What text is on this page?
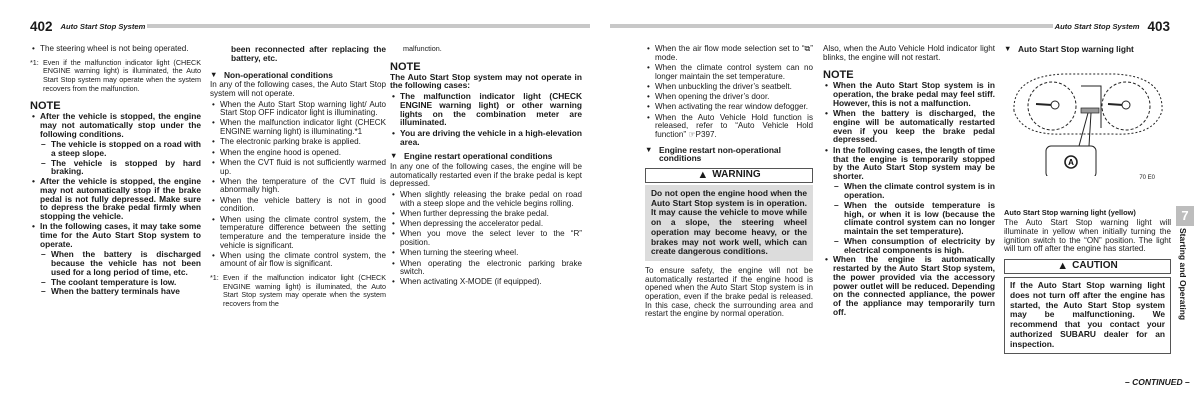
402 Auto Start Stop System	Auto Start Stop System 403
• The steering wheel is not being operated.
*1: Even if the malfunction indicator light (CHECK ENGINE warning light) is illuminated, the Auto Start Stop system may operate when the system recovers from the malfunction.
NOTE
• After the vehicle is stopped, the engine may not automatically stop under the following conditions.
– The vehicle is stopped on a road with a steep slope.
– The vehicle is stopped by hard braking.
• After the vehicle is stopped, the engine may not automatically stop if the brake pedal is not fully depressed. Make sure to depress the brake pedal firmly when stopping the vehicle.
• In the following cases, it may take some time for the Auto Start Stop system to operate.
– When the battery is discharged because the vehicle has not been used for a long period of time, etc.
– The coolant temperature is low.
– When the battery terminals have
been reconnected after replacing the battery, etc.
▼ Non-operational conditions
In any of the following cases, the Auto Start Stop system will not operate.
• When the Auto Start Stop warning light/ Auto Start Stop OFF indicator light is illuminating.
• When the malfunction indicator light (CHECK ENGINE warning light) is illuminating.*1
• The electronic parking brake is applied.
• When the engine hood is opened.
• When the CVT fluid is not sufficiently warmed up.
• When the temperature of the CVT fluid is abnormally high.
• When the vehicle battery is not in good condition.
• When using the climate control system, the temperature difference between the setting temperature and the temperature inside the vehicle is significant.
• When using the climate control system, the amount of air flow is significant.
*1: Even if the malfunction indicator light (CHECK ENGINE warning light) is illuminated, the Auto Start Stop system may operate when the system recovers from the
malfunction.
NOTE
The Auto Start Stop system may not operate in the following cases:
• The malfunction indicator light (CHECK ENGINE warning light) or other warning lights on the combination meter are illuminated.
• You are driving the vehicle in a high-elevation area.
▼ Engine restart operational conditions
In any one of the following cases, the engine will be automatically restarted even if the brake pedal is kept depressed.
• When slightly releasing the brake pedal on road with a steep slope and the vehicle begins rolling.
• When further depressing the brake pedal.
• When depressing the accelerator pedal.
• When you move the select lever to the “R” position.
• When turning the steering wheel.
• When operating the electronic parking brake switch.
• When activating X-MODE (if equipped).
• When the air flow mode selection set to “⧉” mode.
• When the climate control system can no longer maintain the set temperature.
• When unbuckling the driver’s seatbelt.
• When opening the driver’s door.
• When activating the rear window defogger.
• When the Auto Vehicle Hold function is released, refer to “Auto Vehicle Hold function” ☞P397.
▼ Engine restart non-operational conditions
▲ WARNING
Do not open the engine hood when the Auto Start Stop system is in operation. It may cause the vehicle to move while on a slope, the steering wheel operation may become heavy, or the brakes may not work well, which can create dangerous conditions.
To ensure safety, the engine will not be automatically restarted if the engine hood is opened when the Auto Start Stop system is in operation, even if the brake pedal is released. In this case, check the surrounding area and restart the engine by normal operation.
Also, when the Auto Vehicle Hold indicator light blinks, the engine will not restart.
NOTE
• When the Auto Start Stop system is in operation, the brake pedal may feel stiff. However, this is not a malfunction.
• When the battery is discharged, the engine will be automatically restarted even if you keep the brake pedal depressed.
• In the following cases, the length of time that the engine is temporarily stopped by the Auto Start Stop system may be shorter.
– When the climate control system is in operation.
– When the outside temperature is high, or when it is low (because the climate control system can no longer maintain the set temperature).
– When consumption of electricity by electrical components is high.
• When the engine is automatically restarted by the Auto Start Stop system, the power provided via the accessory power outlet will be reduced. Depending on the connected appliance, the power of the appliance may temporarily turn off.
▼ Auto Start Stop warning light
A
70 E0
Auto Start Stop warning light (yellow)
The Auto Start Stop warning light will illuminate in yellow when initially turning the ignition switch to the “ON” position. The light will turn off after the engine has started.
▲ CAUTION
If the Auto Start Stop warning light does not turn off after the engine has started, the Auto Start Stop system may be malfunctioning. We recommend that you contact your authorized SUBARU dealer for an inspection.
– CONTINUED –
7
Starting and Operating
